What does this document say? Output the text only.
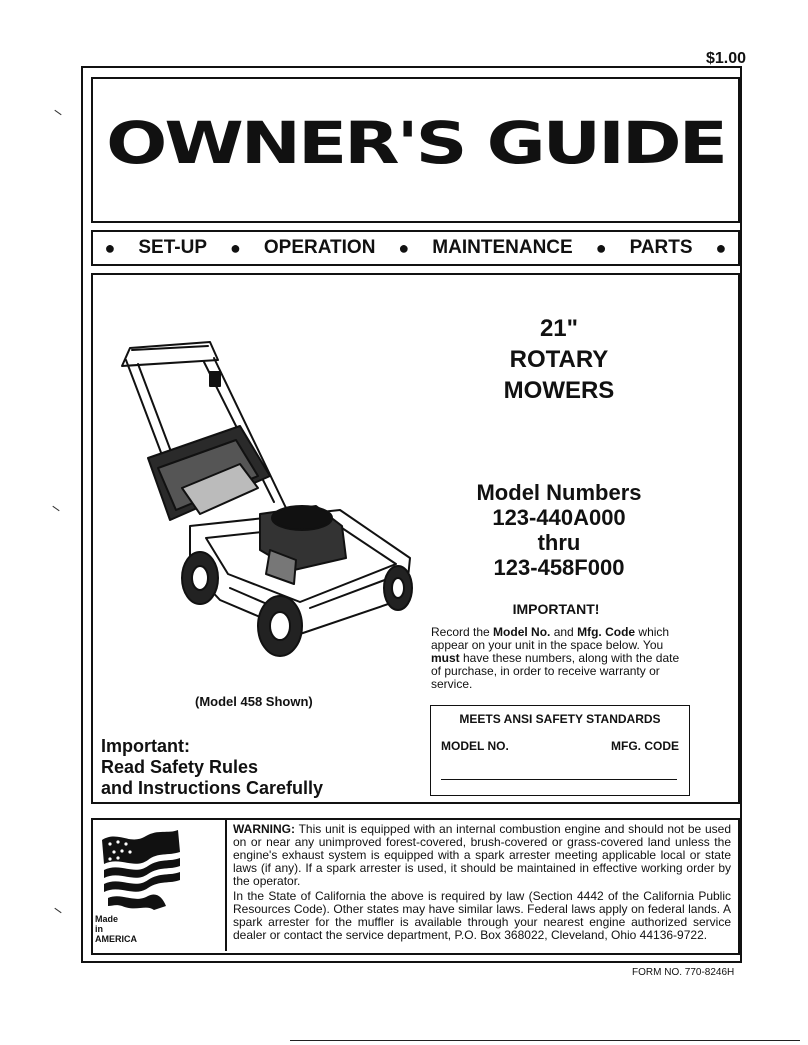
$1.00
OWNER'S GUIDE
● SET-UP ● OPERATION ● MAINTENANCE ● PARTS ●
21"
ROTARY
MOWERS
Model Numbers
123-440A000
thru
123-458F000
IMPORTANT!
Record the Model No. and Mfg. Code which appear on your unit in the space below. You must have these numbers, along with the date of purchase, in order to receive warranty or service.
(Model 458 Shown)
Important:
Read Safety Rules
and Instructions Carefully
MEETS ANSI SAFETY STANDARDS
MODEL NO.	MFG. CODE
Made
in
AMERICA
WARNING: This unit is equipped with an internal combustion engine and should not be used on or near any unimproved forest-covered, brush-covered or grass-covered land unless the engine's exhaust system is equipped with a spark arrester meeting applicable local or state laws (if any). If a spark arrester is used, it should be maintained in effective working order by the operator.
In the State of California the above is required by law (Section 4442 of the California Public Resources Code). Other states may have similar laws. Federal laws apply on federal lands. A spark arrester for the muffler is available through your nearest engine authorized service dealer or contact the service department, P.O. Box 368022, Cleveland, Ohio 44136-9722.
FORM NO. 770-8246H
